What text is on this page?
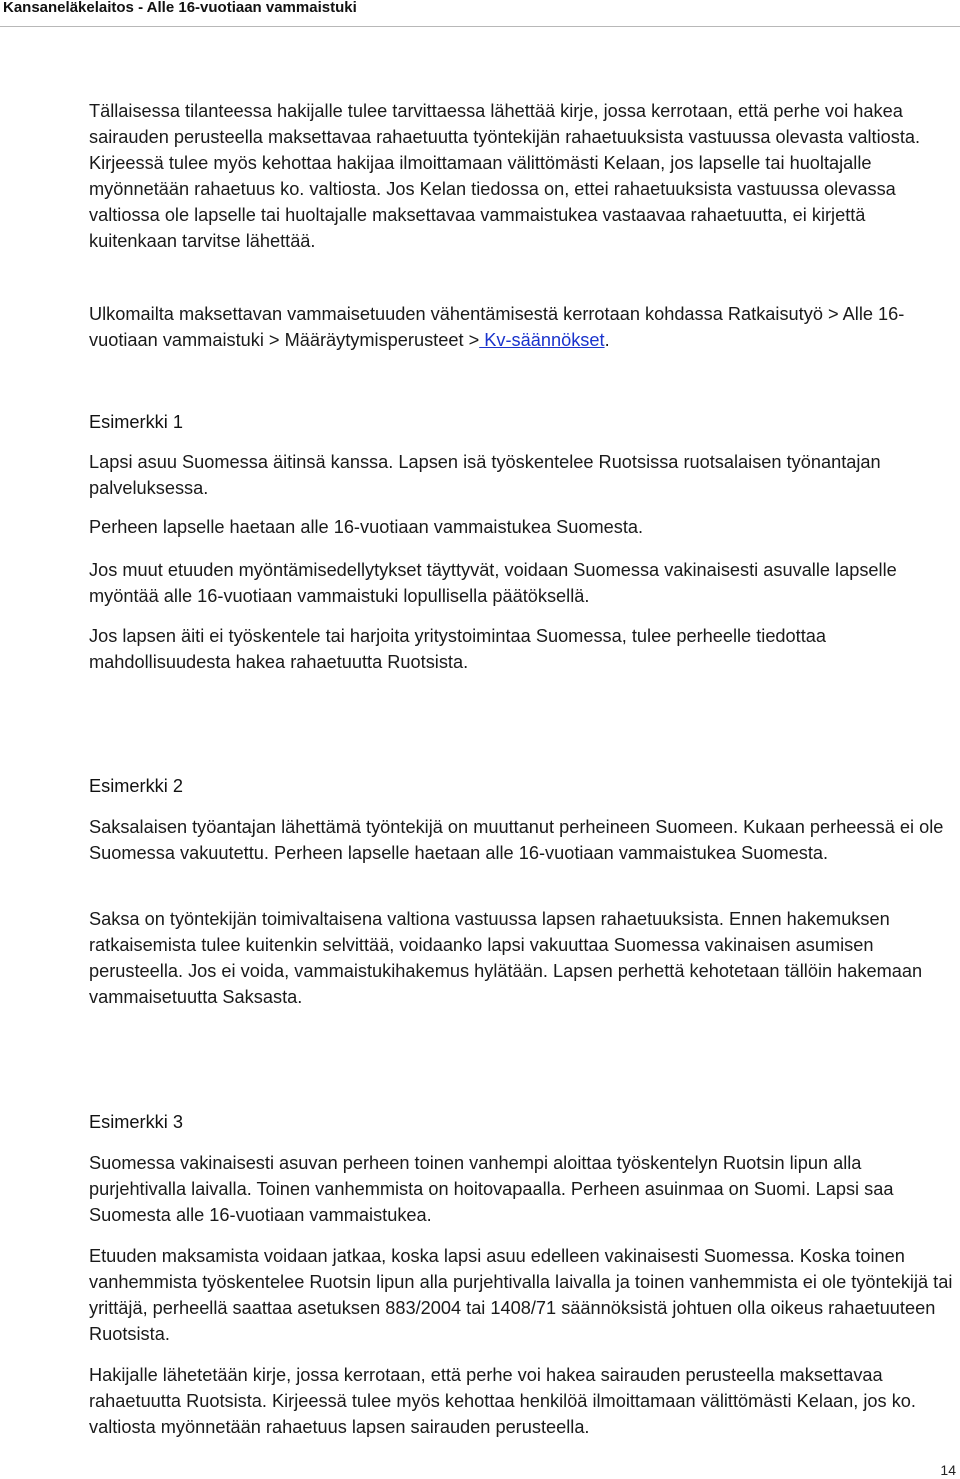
Kansaneläkelaitos - Alle 16-vuotiaan vammaistuki

Tällaisessa tilanteessa hakijalle tulee tarvittaessa lähettää kirje, jossa kerrotaan, että perhe voi hakea sairauden perusteella maksettavaa rahaetuutta työntekijän rahaetuuksista vastuussa olevasta valtiosta. Kirjeessä tulee myös kehottaa hakijaa ilmoittamaan välittömästi Kelaan, jos lapselle tai huoltajalle myönnetään rahaetuus ko. valtiosta. Jos Kelan tiedossa on, ettei rahaetuuksista vastuussa olevassa valtiossa ole lapselle tai huoltajalle maksettavaa vammaistukea vastaavaa rahaetuutta, ei kirjettä kuitenkaan tarvitse lähettää.

Ulkomailta maksettavan vammaisetuuden vähentämisestä kerrotaan kohdassa Ratkaisutyö > Alle 16-vuotiaan vammaistuki > Määräytymisperusteet > Kv-säännökset.

Esimerkki 1

Lapsi asuu Suomessa äitinsä kanssa. Lapsen isä työskentelee Ruotsissa ruotsalaisen työnantajan palveluksessa.

Perheen lapselle haetaan alle 16-vuotiaan vammaistukea Suomesta.

Jos muut etuuden myöntämisedellytykset täyttyvät, voidaan Suomessa vakinaisesti asuvalle lapselle myöntää alle 16-vuotiaan vammaistuki lopullisella päätöksellä.

Jos lapsen äiti ei työskentele tai harjoita yritystoimintaa Suomessa, tulee perheelle tiedottaa mahdollisuudesta hakea rahaetuutta Ruotsista.

Esimerkki 2

Saksalaisen työantajan lähettämä työntekijä on muuttanut perheineen Suomeen. Kukaan perheessä ei ole Suomessa vakuutettu. Perheen lapselle haetaan alle 16-vuotiaan vammaistukea Suomesta.

Saksa on työntekijän toimivaltaisena valtiona vastuussa lapsen rahaetuuksista. Ennen hakemuksen ratkaisemista tulee kuitenkin selvittää, voidaanko lapsi vakuuttaa Suomessa vakinaisen asumisen perusteella. Jos ei voida, vammaistukihakemus hylätään. Lapsen perhettä kehotetaan tällöin hakemaan vammaisetuutta Saksasta.

Esimerkki 3

Suomessa vakinaisesti asuvan perheen toinen vanhempi aloittaa työskentelyn Ruotsin lipun alla purjehtivalla laivalla. Toinen vanhemmista on hoitovapaalla. Perheen asuinmaa on Suomi. Lapsi saa Suomesta alle 16-vuotiaan vammaistukea.

Etuuden maksamista voidaan jatkaa, koska lapsi asuu edelleen vakinaisesti Suomessa. Koska toinen vanhemmista työskentelee Ruotsin lipun alla purjehtivalla laivalla ja toinen vanhemmista ei ole työntekijä tai yrittäjä, perheellä saattaa asetuksen 883/2004 tai 1408/71 säännöksistä johtuen olla oikeus rahaetuuteen Ruotsista.

Hakijalle lähetetään kirje, jossa kerrotaan, että perhe voi hakea sairauden perusteella maksettavaa rahaetuutta Ruotsista. Kirjeessä tulee myös kehottaa henkilöä ilmoittamaan välittömästi Kelaan, jos ko. valtiosta myönnetään rahaetuus lapsen sairauden perusteella.

14
